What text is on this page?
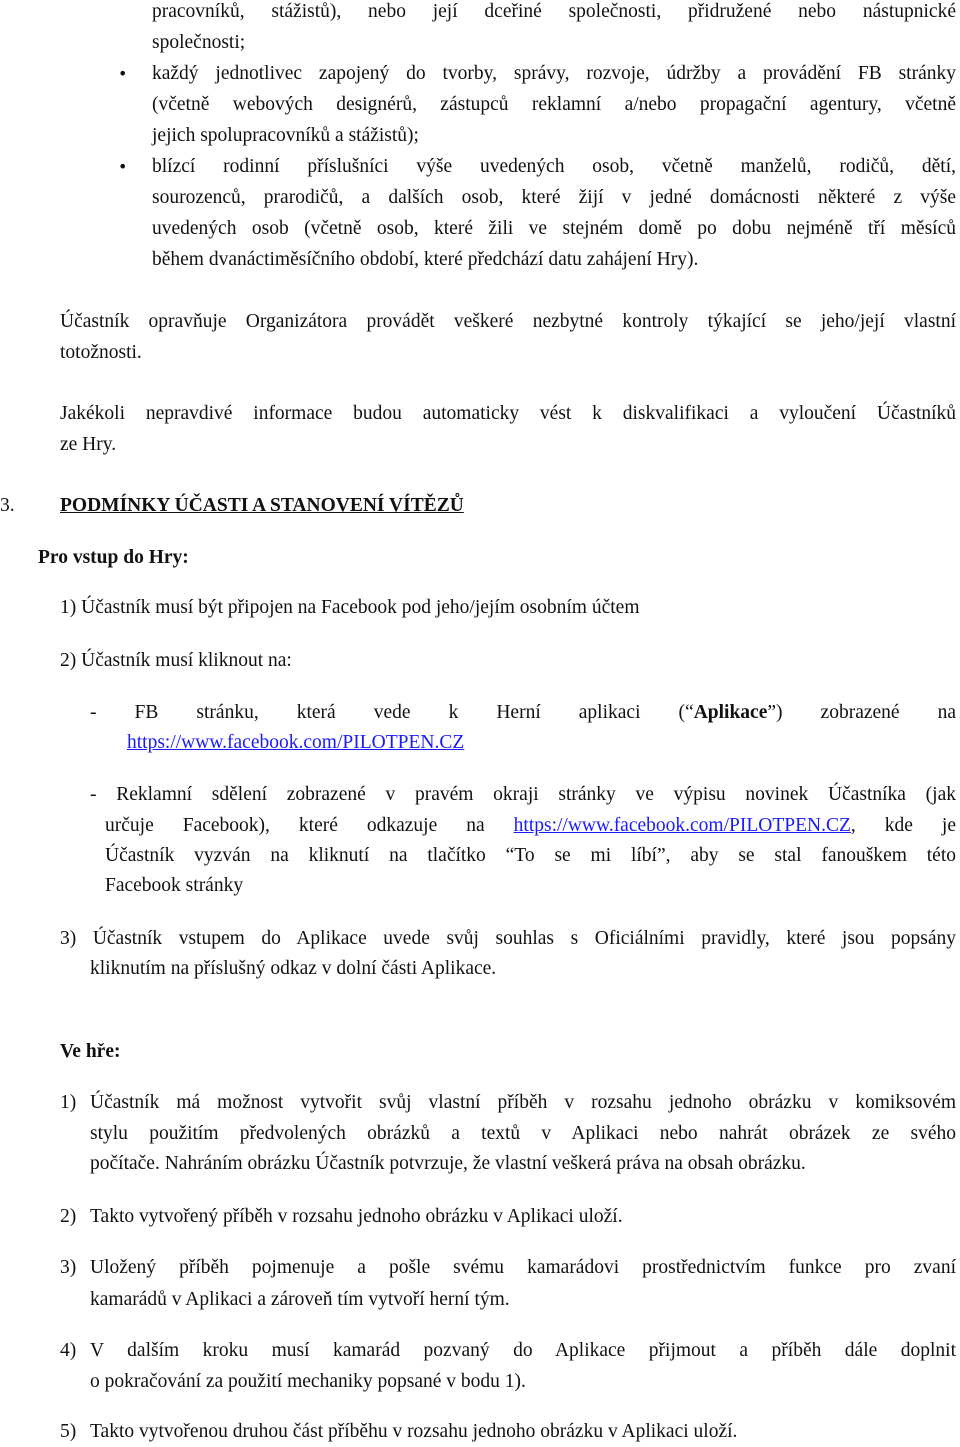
pracovníků, stážistů), nebo její dceřiné společnosti, přidružené nebo nástupnické
společnosti;
• každý jednotlivec zapojený do tvorby, správy, rozvoje, údržby a provádění FB stránky
(včetně webových designérů, zástupců reklamní a/nebo propagační agentury, včetně
jejich spolupracovníků a stážistů);
• blízcí rodinní příslušníci výše uvedených osob, včetně manželů, rodičů, dětí,
sourozenců, prarodičů, a dalších osob, které žijí v jedné domácnosti některé z výše
uvedených osob (včetně osob, které žili ve stejném domě po dobu nejméně tří měsíců
během dvanáctiměsíčního období, které předchází datu zahájení Hry).
Účastník opravňuje Organizátora provádět veškeré nezbytné kontroly týkající se jeho/její vlastní
totožnosti.
Jakékoli nepravdivé informace budou automaticky vést k diskvalifikaci a vyloučení Účastníků
ze Hry.
3. PODMÍNKY ÚČASTI A STANOVENÍ VÍTĚZŮ
Pro vstup do Hry:
1) Účastník musí být připojen na Facebook pod jeho/jejím osobním účtem
2) Účastník musí kliknout na:
- FB stránku, která vede k Herní aplikaci (“Aplikace”) zobrazené na
https://www.facebook.com/PILOTPEN.CZ
- Reklamní sdělení zobrazené v pravém okraji stránky ve výpisu novinek Účastníka (jak
určuje Facebook), které odkazuje na https://www.facebook.com/PILOTPEN.CZ, kde je
Účastník vyzván na kliknutí na tlačítko “To se mi líbí”, aby se stal fanouškem této
Facebook stránky
3) Účastník vstupem do Aplikace uvede svůj souhlas s Oficiálními pravidly, které jsou popsány
kliknutím na příslušný odkaz v dolní části Aplikace.
Ve hře:
1) Účastník má možnost vytvořit svůj vlastní příběh v rozsahu jednoho obrázku v komiksovém
stylu použitím předvolených obrázků a textů v Aplikaci nebo nahrát obrázek ze svého
počítače. Nahráním obrázku Účastník potvrzuje, že vlastní veškerá práva na obsah obrázku.
2) Takto vytvořený příběh v rozsahu jednoho obrázku v Aplikaci uloží.
3) Uložený příběh pojmenuje a pošle svému kamarádovi prostřednictvím funkce pro zvaní
kamarádů v Aplikaci a zároveň tím vytvoří herní tým.
4) V dalším kroku musí kamarád pozvaný do Aplikace přijmout a příběh dále doplnit
o pokračování za použití mechaniky popsané v bodu 1).
5) Takto vytvořenou druhou část příběhu v rozsahu jednoho obrázku v Aplikaci uloží.
